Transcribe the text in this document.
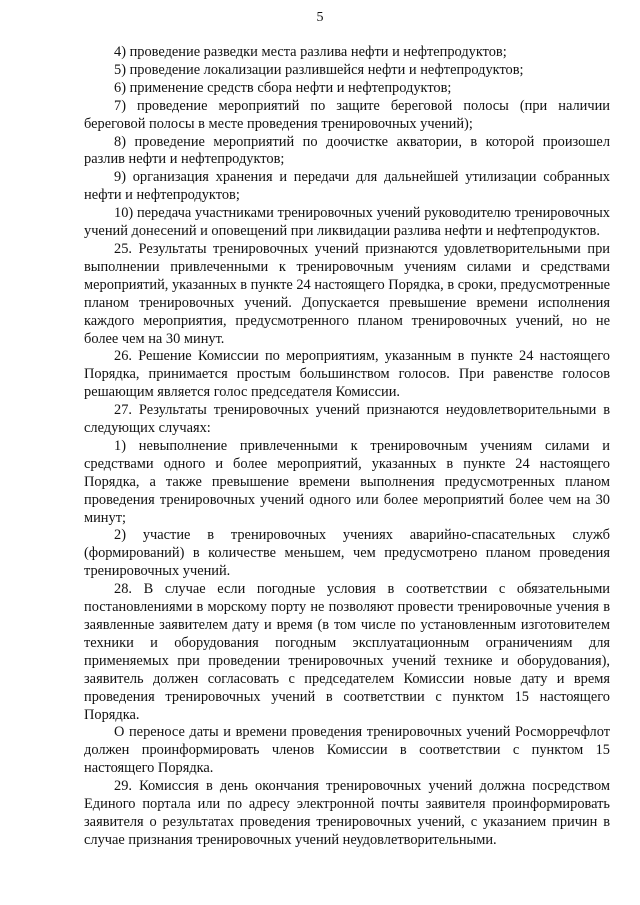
5

4) проведение разведки места разлива нефти и нефтепродуктов;

5) проведение локализации разлившейся нефти и нефтепродуктов;

6) применение средств сбора нефти и нефтепродуктов;

7) проведение мероприятий по защите береговой полосы (при наличии береговой полосы в месте проведения тренировочных учений);

8) проведение мероприятий по доочистке акватории, в которой произошел разлив нефти и нефтепродуктов;

9) организация хранения и передачи для дальнейшей утилизации собранных нефти и нефтепродуктов;

10) передача участниками тренировочных учений руководителю тренировочных учений донесений и оповещений при ликвидации разлива нефти и нефтепродуктов.

25. Результаты тренировочных учений признаются удовлетворительными при выполнении привлеченными к тренировочным учениям силами и средствами мероприятий, указанных в пункте 24 настоящего Порядка, в сроки, предусмотренные планом тренировочных учений. Допускается превышение времени исполнения каждого мероприятия, предусмотренного планом тренировочных учений, но не более чем на 30 минут.

26. Решение Комиссии по мероприятиям, указанным в пункте 24 настоящего Порядка, принимается простым большинством голосов. При равенстве голосов решающим является голос председателя Комиссии.

27. Результаты тренировочных учений признаются неудовлетворительными в следующих случаях:

1) невыполнение привлеченными к тренировочным учениям силами и средствами одного и более мероприятий, указанных в пункте 24 настоящего Порядка, а также превышение времени выполнения предусмотренных планом проведения тренировочных учений одного или более мероприятий более чем на 30 минут;

2) участие в тренировочных учениях аварийно-спасательных служб (формирований) в количестве меньшем, чем предусмотрено планом проведения тренировочных учений.

28. В случае если погодные условия в соответствии с обязательными постановлениями в морскому порту не позволяют провести тренировочные учения в заявленные заявителем дату и время (в том числе по установленным изготовителем техники и оборудования погодным эксплуатационным ограничениям для применяемых при проведении тренировочных учений технике и оборудования), заявитель должен согласовать с председателем Комиссии новые дату и время проведения тренировочных учений в соответствии с пунктом 15 настоящего Порядка.

О переносе даты и времени проведения тренировочных учений Росморречфлот должен проинформировать членов Комиссии в соответствии с пунктом 15 настоящего Порядка.

29. Комиссия в день окончания тренировочных учений должна посредством Единого портала или по адресу электронной почты заявителя проинформировать заявителя о результатах проведения тренировочных учений, с указанием причин в случае признания тренировочных учений неудовлетворительными.
